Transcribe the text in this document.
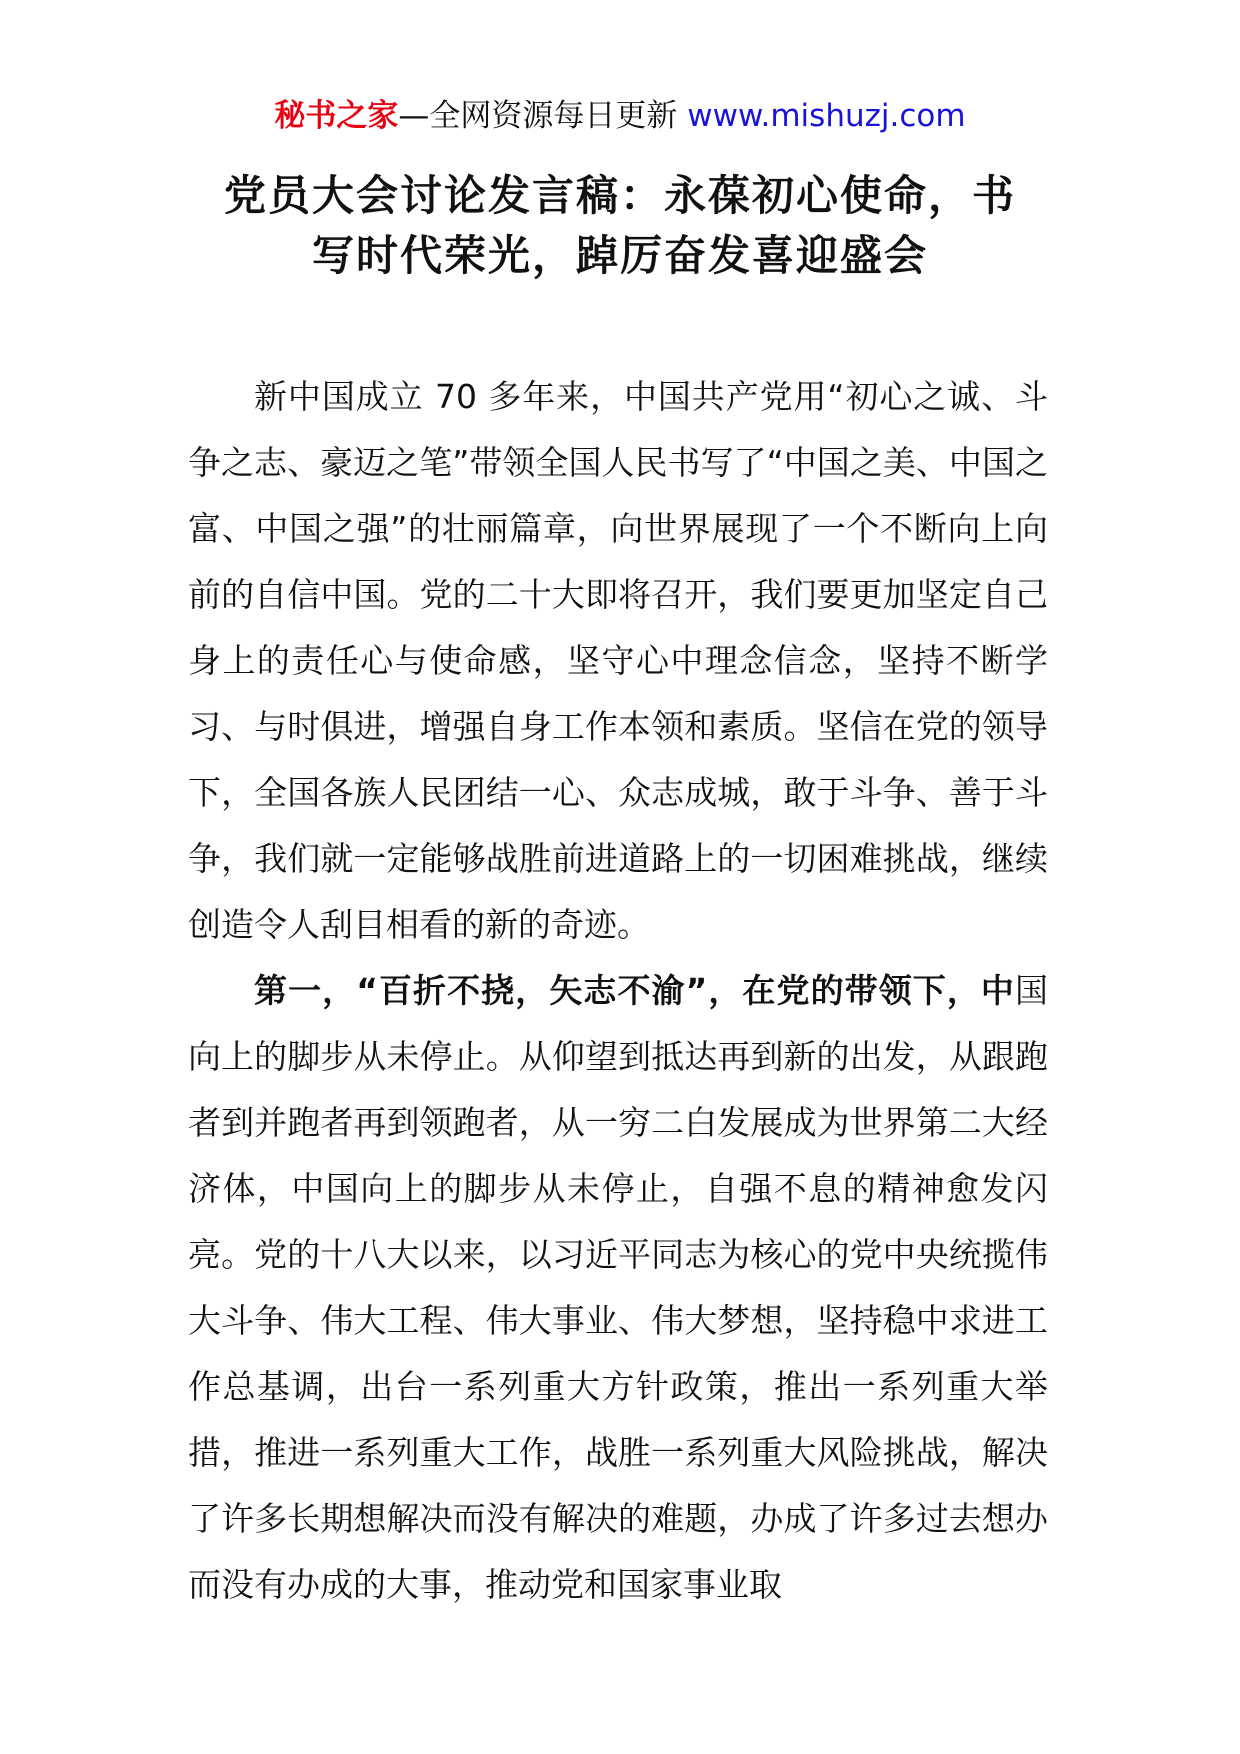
秘书之家—全网资源每日更新 www.mishuzj.com
党员大会讨论发言稿：永葆初心使命，书
写时代荣光，踔厉奋发喜迎盛会

新中国成立 70 多年来，中国共产党用“初心之诚、斗争之志、豪迈之笔”带领全国人民书写了“中国之美、中国之富、中国之强”的壮丽篇章，向世界展现了一个不断向上向前的自信中国。党的二十大即将召开，我们要更加坚定自己身上的责任心与使命感，坚守心中理念信念，坚持不断学习、与时俱进，增强自身工作本领和素质。坚信在党的领导下，全国各族人民团结一心、众志成城，敢于斗争、善于斗争，我们就一定能够战胜前进道路上的一切困难挑战，继续创造令人刮目相看的新的奇迹。

第一，“百折不挠，矢志不渝”，在党的带领下，中国向上的脚步从未停止。从仰望到抵达再到新的出发，从跟跑者到并跑者再到领跑者，从一穷二白发展成为世界第二大经济体，中国向上的脚步从未停止，自强不息的精神愈发闪亮。党的十八大以来，以习近平同志为核心的党中央统揽伟大斗争、伟大工程、伟大事业、伟大梦想，坚持稳中求进工作总基调，出台一系列重大方针政策，推出一系列重大举措，推进一系列重大工作，战胜一系列重大风险挑战，解决了许多长期想解决而没有解决的难题，办成了许多过去想办而没有办成的大事，推动党和国家事业取
